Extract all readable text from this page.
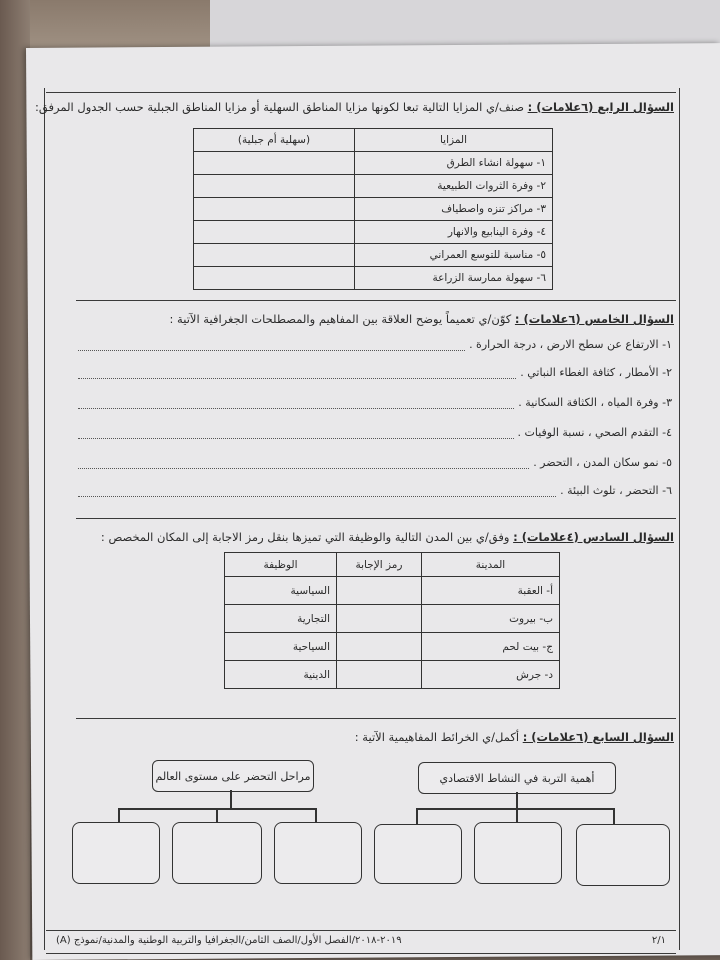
السؤال الرابع (٦علامات) : صنف/ي المزايا التالية تبعا لكونها مزايا المناطق السهلية أو مزايا المناطق الجبلية حسب الجدول المرفق:
المزايا	(سهلية أم جبلية)
١- سهولة انشاء الطرق	
٢- وفرة الثروات الطبيعية	
٣- مراكز تنزه واصطياف	
٤- وفرة الينابيع والانهار	
٥- مناسبة للتوسع العمراني	
٦- سهولة ممارسة الزراعة	
السؤال الخامس (٦علامات) : كوّن/ي تعميماً يوضح العلاقة بين المفاهيم والمصطلحات الجغرافية الآتية :
١- الارتفاع عن سطح الارض ، درجة الحرارة .
٢- الأمطار ، كثافة الغطاء النباتي .
٣- وفرة المياه ، الكثافة السكانية .
٤- التقدم الصحي ، نسبة الوفيات .
٥- نمو سكان المدن ، التحضر .
٦- التحضر ، تلوث البيئة .
السؤال السادس (٤علامات) : وفق/ي بين المدن التالية والوظيفة التي تميزها بنقل رمز الاجابة إلى المكان المخصص :
المدينة	رمز الإجابة	الوظيفة
أ- العقبة		السياسية
ب- بيروت		التجارية
ج- بيت لحم		السياحية
د- جرش		الدينية
السؤال السابع (٦علامات) : أكمل/ي الخرائط المفاهيمية الآتية :
أهمية التربة في النشاط الاقتصادي
مراحل التحضر على مستوى العالم
٢/١
٢٠١٩-٢٠١٨/الفصل الأول/الصف الثامن/الجغرافيا والتربية الوطنية والمدنية/نموذج (A)
